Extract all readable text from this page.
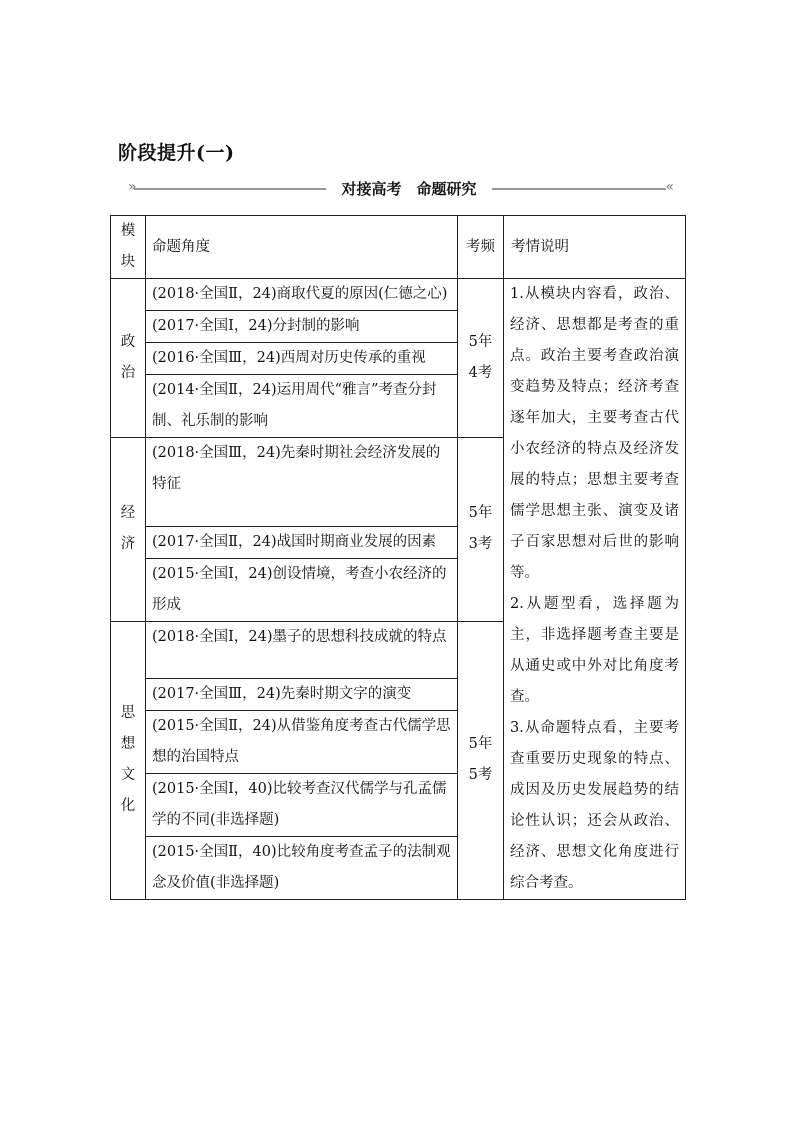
阶段提升(一)
»	对接高考　命题研究	«
模块	命题角度	考频	考情说明
政治	(2018·全国Ⅱ，24)商取代夏的原因(仁德之心)	5年4考	1.从模块内容看，政治、经济、思想都是考查的重点。政治主要考查政治演变趋势及特点；经济考查逐年加大，主要考查古代小农经济的特点及经济发展的特点；思想主要考查儒学思想主张、演变及诸子百家思想对后世的影响等。
2.从题型看，选择题为主，非选择题考查主要是从通史或中外对比角度考查。
3.从命题特点看，主要考查重要历史现象的特点、成因及历史发展趋势的结论性认识；还会从政治、经济、思想文化角度进行综合考查。
	(2017·全国Ⅰ，24)分封制的影响		
	(2016·全国Ⅲ，24)西周对历史传承的重视		
	(2014·全国Ⅱ，24)运用周代“雅言”考查分封制、礼乐制的影响		
经济	(2018·全国Ⅲ，24)先秦时期社会经济发展的特征	5年3考	
	(2017·全国Ⅱ，24)战国时期商业发展的因素		
	(2015·全国Ⅰ，24)创设情境，考查小农经济的形成		
思想文化	(2018·全国Ⅰ，24)墨子的思想科技成就的特点	5年5考	
	(2017·全国Ⅲ，24)先秦时期文字的演变		
	(2015·全国Ⅱ，24)从借鉴角度考查古代儒学思想的治国特点		
	(2015·全国Ⅰ，40)比较考查汉代儒学与孔孟儒学的不同(非选择题)		
	(2015·全国Ⅱ，40)比较角度考查孟子的法制观念及价值(非选择题)		
